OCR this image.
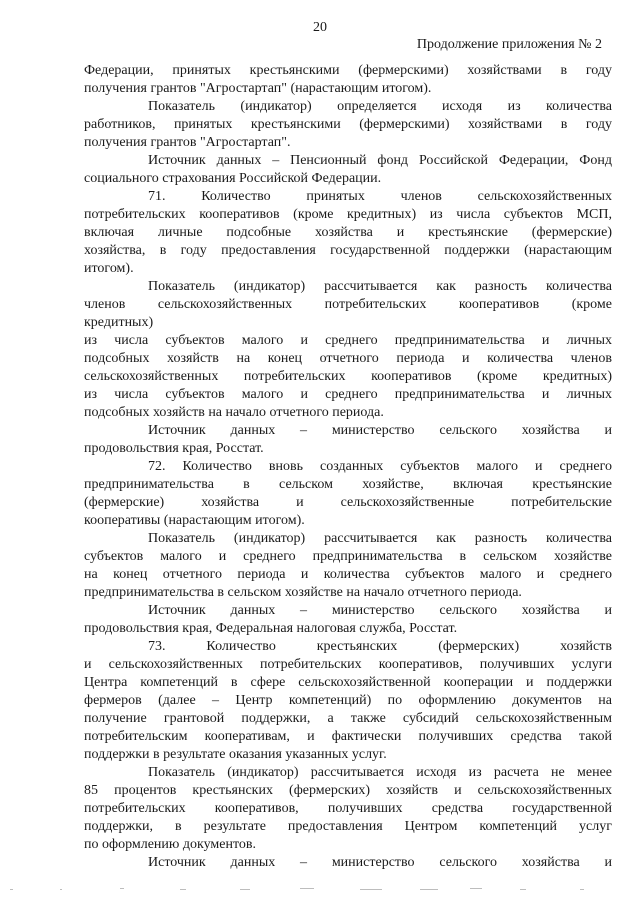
20
Продолжение приложения № 2
Федерации, принятых крестьянскими (фермерскими) хозяйствами в году
получения грантов "Агростартап" (нарастающим итогом).
Показатель (индикатор) определяется исходя из количества
работников, принятых крестьянскими (фермерскими) хозяйствами в году
получения грантов "Агростартап".
Источник данных – Пенсионный фонд Российской Федерации, Фонд
социального страхования Российской Федерации.
71. Количество принятых членов сельскохозяйственных
потребительских кооперативов (кроме кредитных) из числа субъектов МСП,
включая личные подсобные хозяйства и крестьянские (фермерские)
хозяйства, в году предоставления государственной поддержки (нарастающим
итогом).
Показатель (индикатор) рассчитывается как разность количества
членов сельскохозяйственных потребительских кооперативов (кроме
кредитных)
из числа субъектов малого и среднего предпринимательства и личных
подсобных хозяйств на конец отчетного периода и количества членов
сельскохозяйственных потребительских кооперативов (кроме кредитных)
из числа субъектов малого и среднего предпринимательства и личных
подсобных хозяйств на начало отчетного периода.
Источник данных – министерство сельского хозяйства и
продовольствия края, Росстат.
72. Количество вновь созданных субъектов малого и среднего
предпринимательства в сельском хозяйстве, включая крестьянские
(фермерские) хозяйства и сельскохозяйственные потребительские
кооперативы (нарастающим итогом).
Показатель (индикатор) рассчитывается как разность количества
субъектов малого и среднего предпринимательства в сельском хозяйстве
на конец отчетного периода и количества субъектов малого и среднего
предпринимательства в сельском хозяйстве на начало отчетного периода.
Источник данных – министерство сельского хозяйства и
продовольствия края, Федеральная налоговая служба, Росстат.
73. Количество крестьянских (фермерских) хозяйств
и сельскохозяйственных потребительских кооперативов, получивших услуги
Центра компетенций в сфере сельскохозяйственной кооперации и поддержки
фермеров (далее – Центр компетенций) по оформлению документов на
получение грантовой поддержки, а также субсидий сельскохозяйственным
потребительским кооперативам, и фактически получивших средства такой
поддержки в результате оказания указанных услуг.
Показатель (индикатор) рассчитывается исходя из расчета не менее
85 процентов крестьянских (фермерских) хозяйств и сельскохозяйственных
потребительских кооперативов, получивших средства государственной
поддержки, в результате предоставления Центром компетенций услуг
по оформлению документов.
Источник данных – министерство сельского хозяйства и
